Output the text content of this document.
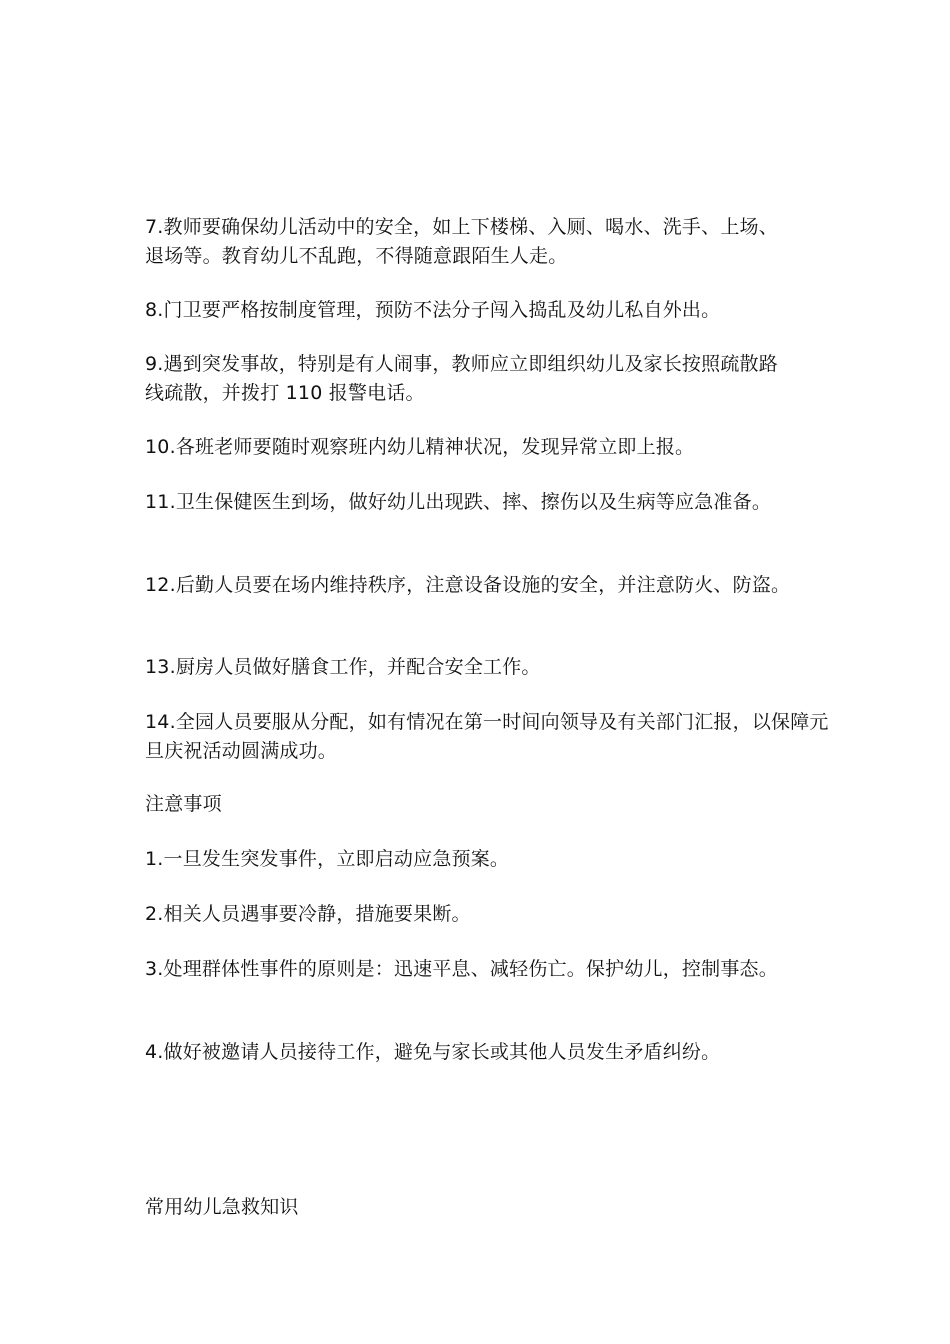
7.教师要确保幼儿活动中的安全，如上下楼梯、入厕、喝水、洗手、上场、退场等。教育幼儿不乱跑，不得随意跟陌生人走。
8.门卫要严格按制度管理，预防不法分子闯入捣乱及幼儿私自外出。
9.遇到突发事故，特别是有人闹事，教师应立即组织幼儿及家长按照疏散路线疏散，并拨打 110 报警电话。
10.各班老师要随时观察班内幼儿精神状况，发现异常立即上报。
11.卫生保健医生到场，做好幼儿出现跌、摔、擦伤以及生病等应急准备。
12.后勤人员要在场内维持秩序，注意设备设施的安全，并注意防火、防盗。
13.厨房人员做好膳食工作，并配合安全工作。
14.全园人员要服从分配，如有情况在第一时间向领导及有关部门汇报，以保障元旦庆祝活动圆满成功。
注意事项
1.一旦发生突发事件，立即启动应急预案。
2.相关人员遇事要冷静，措施要果断。
3.处理群体性事件的原则是：迅速平息、减轻伤亡。保护幼儿，控制事态。
4.做好被邀请人员接待工作，避免与家长或其他人员发生矛盾纠纷。
常用幼儿急救知识
